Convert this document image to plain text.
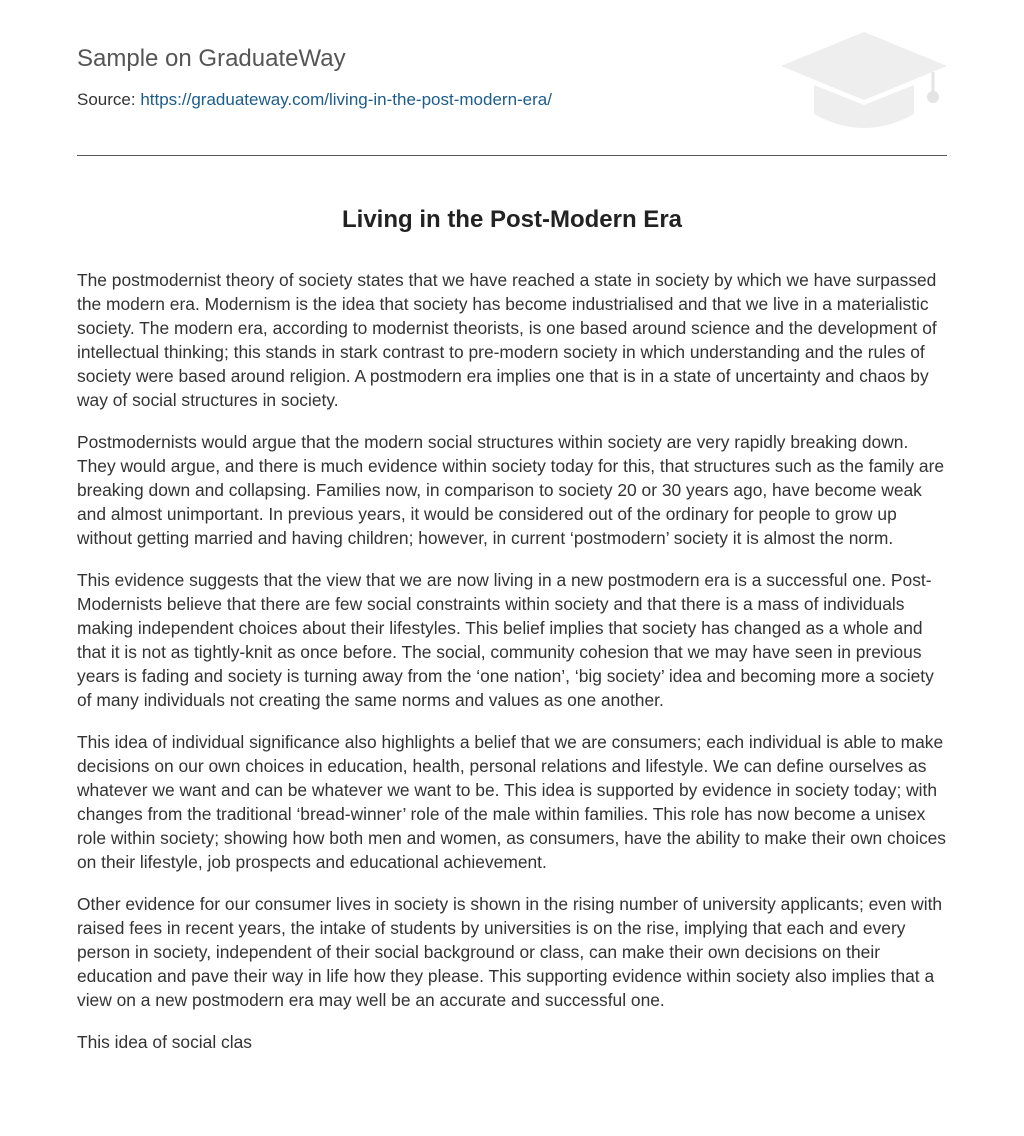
Sample on GraduateWay
Source: https://graduateway.com/living-in-the-post-modern-era/
Living in the Post-Modern Era

The postmodernist theory of society states that we have reached a state in society by which we have surpassed the modern era. Modernism is the idea that society has become industrialised and that we live in a materialistic society. The modern era, according to modernist theorists, is one based around science and the development of intellectual thinking; this stands in stark contrast to pre-modern society in which understanding and the rules of society were based around religion. A postmodern era implies one that is in a state of uncertainty and chaos by way of social structures in society.

Postmodernists would argue that the modern social structures within society are very rapidly breaking down. They would argue, and there is much evidence within society today for this, that structures such as the family are breaking down and collapsing. Families now, in comparison to society 20 or 30 years ago, have become weak and almost unimportant. In previous years, it would be considered out of the ordinary for people to grow up without getting married and having children; however, in current ‘postmodern’ society it is almost the norm.

This evidence suggests that the view that we are now living in a new postmodern era is a successful one. Post-Modernists believe that there are few social constraints within society and that there is a mass of individuals making independent choices about their lifestyles. This belief implies that society has changed as a whole and that it is not as tightly-knit as once before. The social, community cohesion that we may have seen in previous years is fading and society is turning away from the ‘one nation’, ‘big society’ idea and becoming more a society of many individuals not creating the same norms and values as one another.

This idea of individual significance also highlights a belief that we are consumers; each individual is able to make decisions on our own choices in education, health, personal relations and lifestyle. We can define ourselves as whatever we want and can be whatever we want to be. This idea is supported by evidence in society today; with changes from the traditional ‘bread-winner’ role of the male within families. This role has now become a unisex role within society; showing how both men and women, as consumers, have the ability to make their own choices on their lifestyle, job prospects and educational achievement.

Other evidence for our consumer lives in society is shown in the rising number of university applicants; even with raised fees in recent years, the intake of students by universities is on the rise, implying that each and every person in society, independent of their social background or class, can make their own decisions on their education and pave their way in life how they please. This supporting evidence within society also implies that a view on a new postmodern era may well be an accurate and successful one.

This idea of social clas
